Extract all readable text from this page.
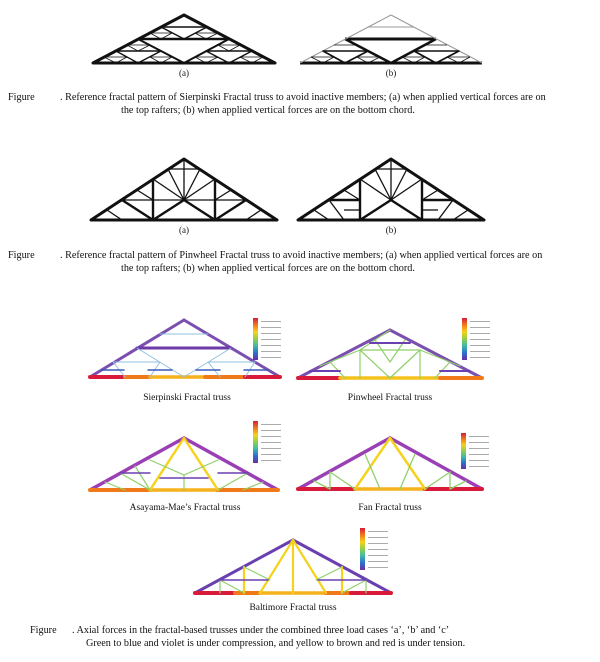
(a)	(b)
Figure . Reference fractal pattern of Sierpinski Fractal truss to avoid inactive members; (a) when applied vertical forces are on
the top rafters; (b) when applied vertical forces are on the bottom chord.
(a)	(b)
Figure . Reference fractal pattern of Pinwheel Fractal truss to avoid inactive members; (a) when applied vertical forces are on
the top rafters; (b) when applied vertical forces are on the bottom chord.
Sierpinski Fractal truss	Pinwheel Fractal truss
Asayama-Mae’s Fractal truss	Fan Fractal truss
Baltimore Fractal truss
Figure . Axial forces in the fractal-based trusses under the combined three load cases ‘a’, ‘b’ and ‘c’
Green to blue and violet is under compression, and yellow to brown and red is under tension.
